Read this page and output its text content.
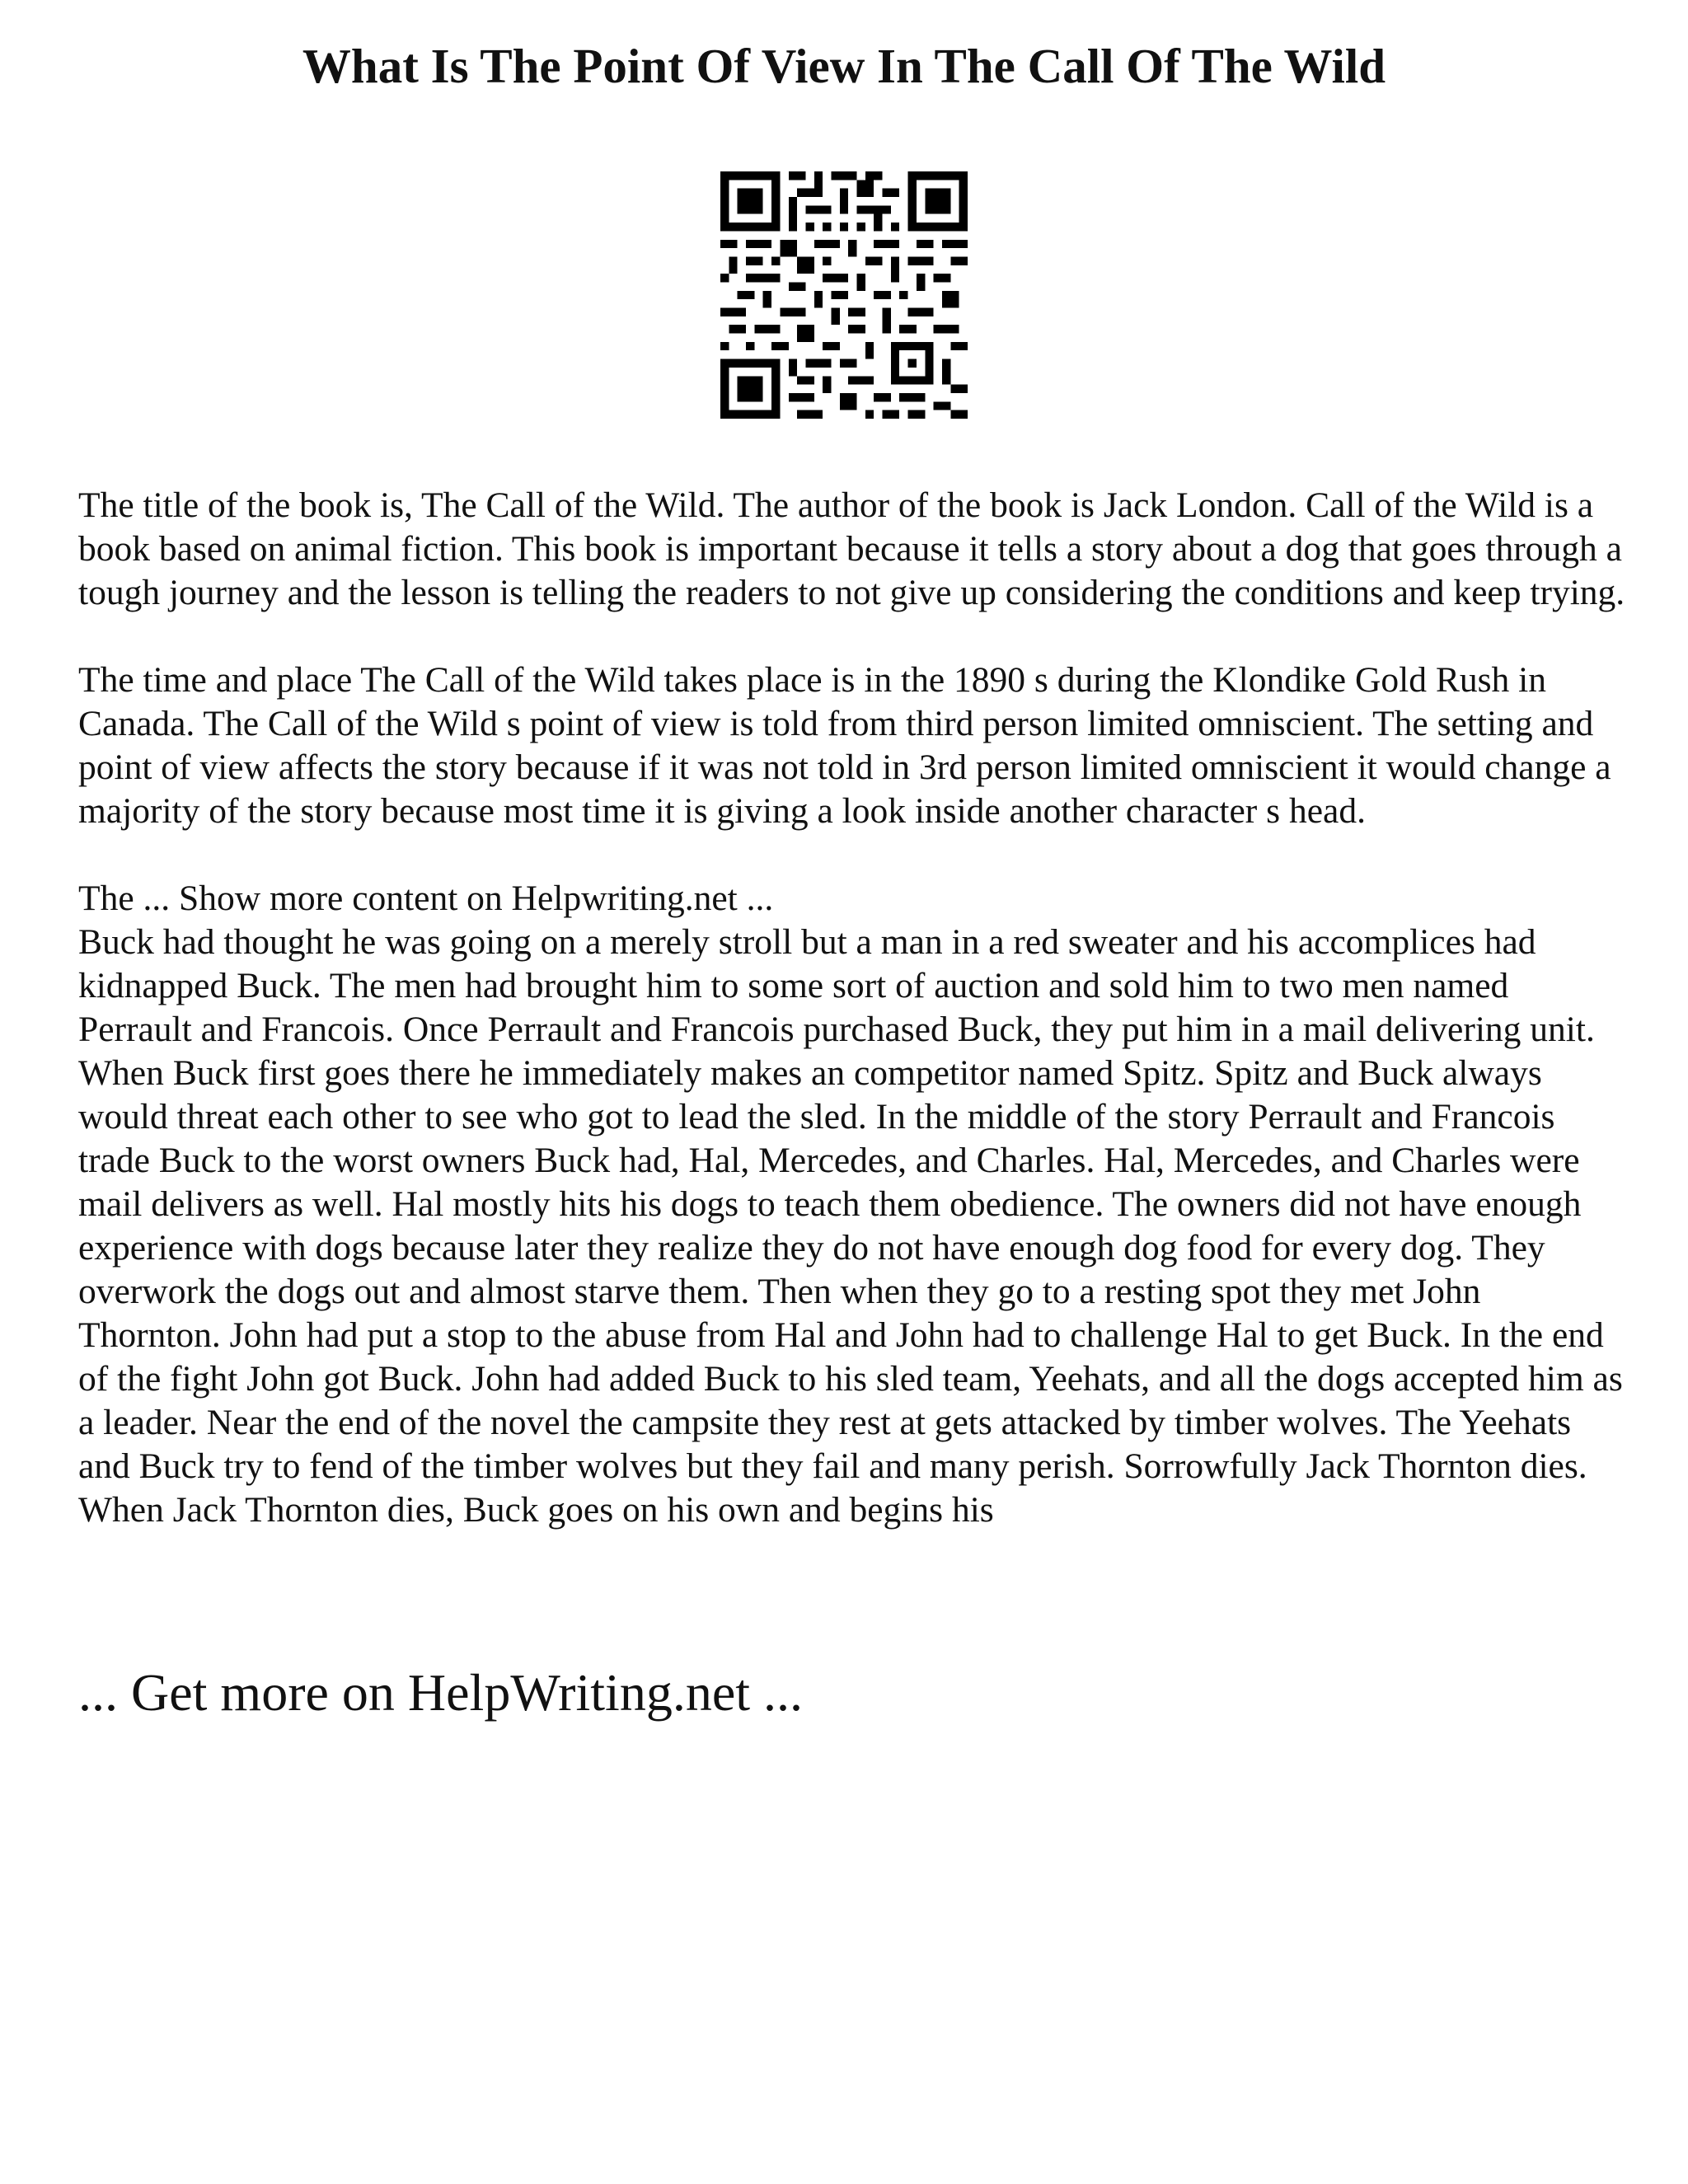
What Is The Point Of View In The Call Of The Wild

The title of the book is, The Call of the Wild. The author of the book is Jack London. Call of the Wild is a book based on animal fiction. This book is important because it tells a story about a dog that goes through a tough journey and the lesson is telling the readers to not give up considering the conditions and keep trying.

The time and place The Call of the Wild takes place is in the 1890 s during the Klondike Gold Rush in Canada. The Call of the Wild s point of view is told from third person limited omniscient. The setting and point of view affects the story because if it was not told in 3rd person limited omniscient it would change a majority of the story because most time it is giving a look inside another character s head.

The ... Show more content on Helpwriting.net ...

Buck had thought he was going on a merely stroll but a man in a red sweater and his accomplices had kidnapped Buck. The men had brought him to some sort of auction and sold him to two men named Perrault and Francois. Once Perrault and Francois purchased Buck, they put him in a mail delivering unit. When Buck first goes there he immediately makes an competitor named Spitz. Spitz and Buck always would threat each other to see who got to lead the sled. In the middle of the story Perrault and Francois trade Buck to the worst owners Buck had, Hal, Mercedes, and Charles. Hal, Mercedes, and Charles were mail delivers as well. Hal mostly hits his dogs to teach them obedience. The owners did not have enough experience with dogs because later they realize they do not have enough dog food for every dog. They overwork the dogs out and almost starve them. Then when they go to a resting spot they met John Thornton. John had put a stop to the abuse from Hal and John had to challenge Hal to get Buck. In the end of the fight John got Buck. John had added Buck to his sled team, Yeehats, and all the dogs accepted him as a leader. Near the end of the novel the campsite they rest at gets attacked by timber wolves. The Yeehats and Buck try to fend of the timber wolves but they fail and many perish. Sorrowfully Jack Thornton dies. When Jack Thornton dies, Buck goes on his own and begins his

... Get more on HelpWriting.net ...
